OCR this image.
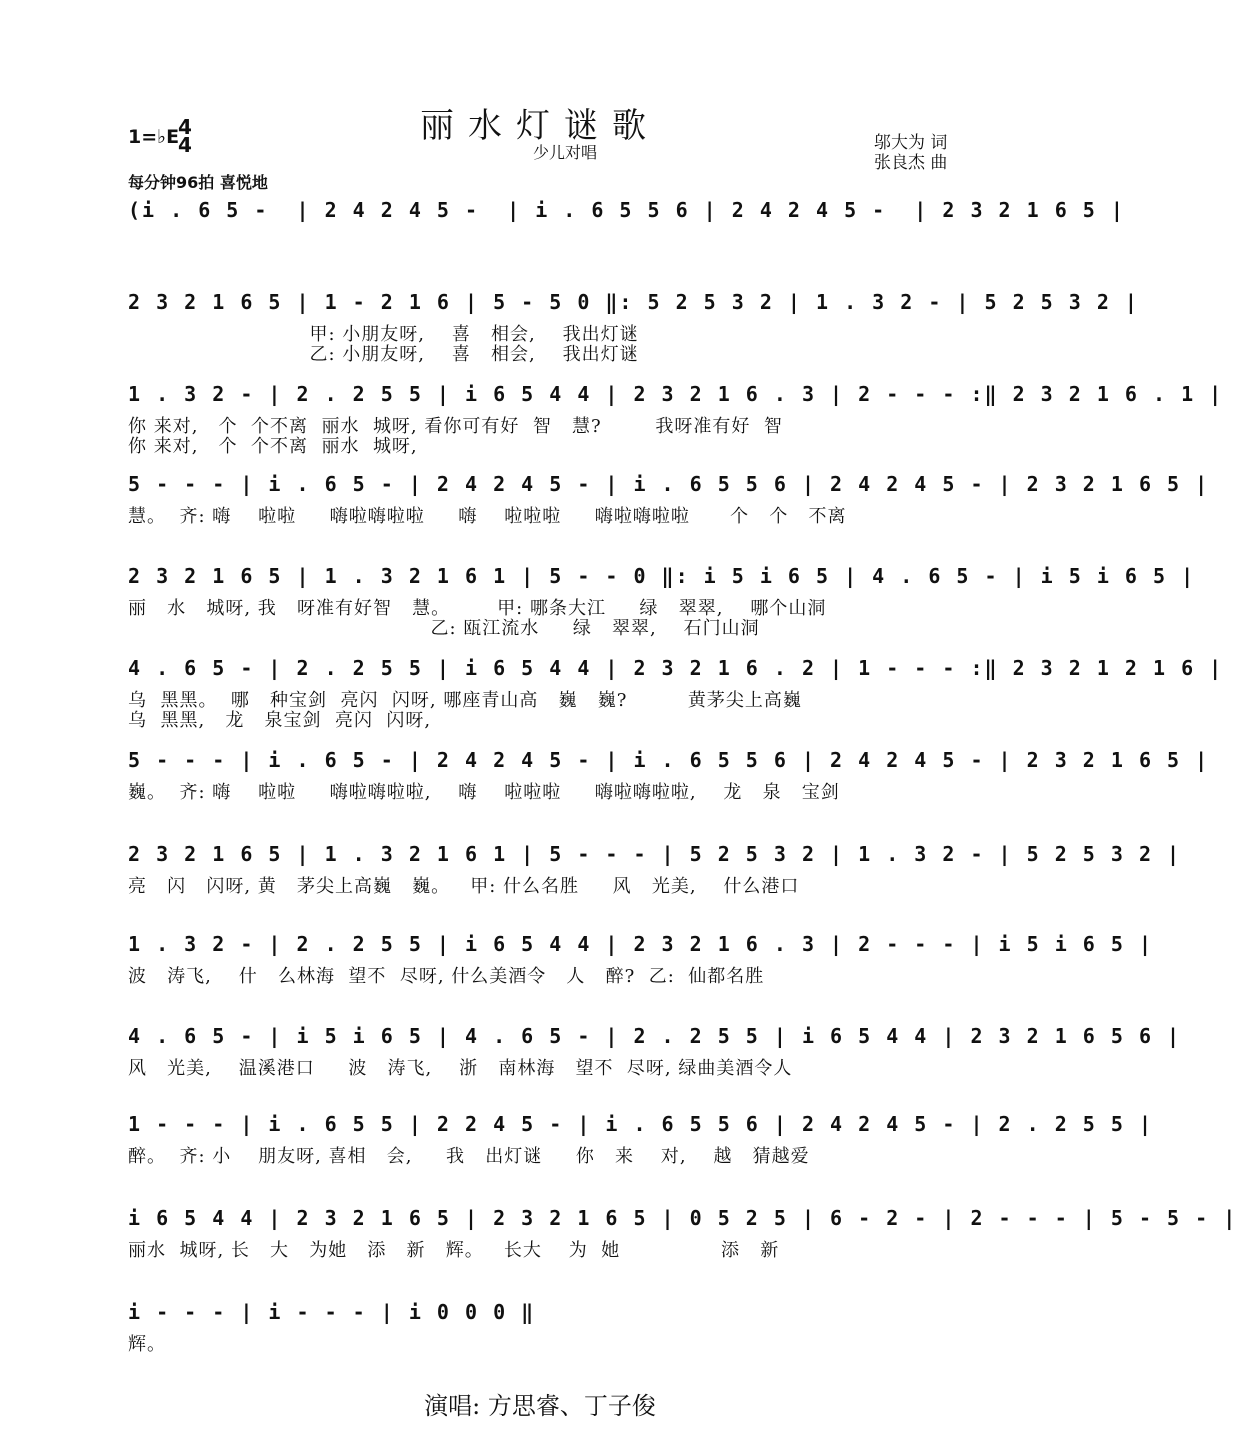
丽水灯谜歌
少儿对唱
1=♭E
4
4	邬大为 词
张良杰 曲
每分钟96拍 喜悦地
(i . 6 5 -  | 2 4 2 4 5 -  | i . 6 5 5 6 | 2 4 2 4 5 -  | 2 3 2 1 6 5 |
2 3 2 1 6 5 | 1 - 2 1 6 | 5 - 5 0 ‖: 5 2 5 3 2 | 1 . 3 2 - | 5 2 5 3 2 |
甲: 小朋友呀,    喜   相会,    我出灯谜
乙: 小朋友呀,    喜   相会,    我出灯谜
1 . 3 2 - | 2 . 2 5 5 | i 6 5 4 4 | 2 3 2 1 6 . 3 | 2 - - - :‖ 2 3 2 1 6 . 1 |
你 来对,   个  个不离  丽水  城呀, 看你可有好  智   慧?        我呀准有好  智
你 来对,   个  个不离  丽水  城呀,
5 - - - | i . 6 5 - | 2 4 2 4 5 - | i . 6 5 5 6 | 2 4 2 4 5 - | 2 3 2 1 6 5 |
慧。  齐: 嗨    啦啦     嗨啦嗨啦啦     嗨    啦啦啦     嗨啦嗨啦啦      个   个   不离
2 3 2 1 6 5 | 1 . 3 2 1 6 1 | 5 - - 0 ‖: i 5 i 6 5 | 4 . 6 5 - | i 5 i 6 5 |
丽   水   城呀, 我   呀准有好智   慧。       甲: 哪条大江     绿   翠翠,    哪个山洞
乙: 瓯江流水     绿   翠翠,    石门山洞
4 . 6 5 - | 2 . 2 5 5 | i 6 5 4 4 | 2 3 2 1 6 . 2 | 1 - - - :‖ 2 3 2 1 2 1 6 |
乌  黑黑。  哪   种宝剑  亮闪  闪呀, 哪座青山高   巍   巍?         黄茅尖上高巍
乌  黑黑,   龙   泉宝剑  亮闪  闪呀,
5 - - - | i . 6 5 - | 2 4 2 4 5 - | i . 6 5 5 6 | 2 4 2 4 5 - | 2 3 2 1 6 5 |
巍。  齐: 嗨    啦啦     嗨啦嗨啦啦,    嗨    啦啦啦     嗨啦嗨啦啦,    龙   泉   宝剑
2 3 2 1 6 5 | 1 . 3 2 1 6 1 | 5 - - - | 5 2 5 3 2 | 1 . 3 2 - | 5 2 5 3 2 |
亮   闪   闪呀, 黄   茅尖上高巍   巍。   甲: 什么名胜     风   光美,    什么港口
1 . 3 2 - | 2 . 2 5 5 | i 6 5 4 4 | 2 3 2 1 6 . 3 | 2 - - - | i 5 i 6 5 |
波   涛飞,    什   么林海  望不  尽呀, 什么美酒令   人   醉?  乙:  仙都名胜
4 . 6 5 - | i 5 i 6 5 | 4 . 6 5 - | 2 . 2 5 5 | i 6 5 4 4 | 2 3 2 1 6 5 6 |
风   光美,    温溪港口     波   涛飞,    浙   南林海   望不  尽呀, 绿曲美酒令人
1 - - - | i . 6 5 5 | 2 2 4 5 - | i . 6 5 5 6 | 2 4 2 4 5 - | 2 . 2 5 5 |
醉。  齐: 小    朋友呀, 喜相   会,     我   出灯谜     你   来    对,    越   猜越爱
i 6 5 4 4 | 2 3 2 1 6 5 | 2 3 2 1 6 5 | 0 5 2 5 | 6 - 2 - | 2 - - - | 5 - 5 - |
丽水  城呀, 长   大   为她   添   新   辉。   长大    为  她               添   新
i - - - | i - - - | i 0 0 0 ‖
辉。
演唱: 方思睿、丁子俊
